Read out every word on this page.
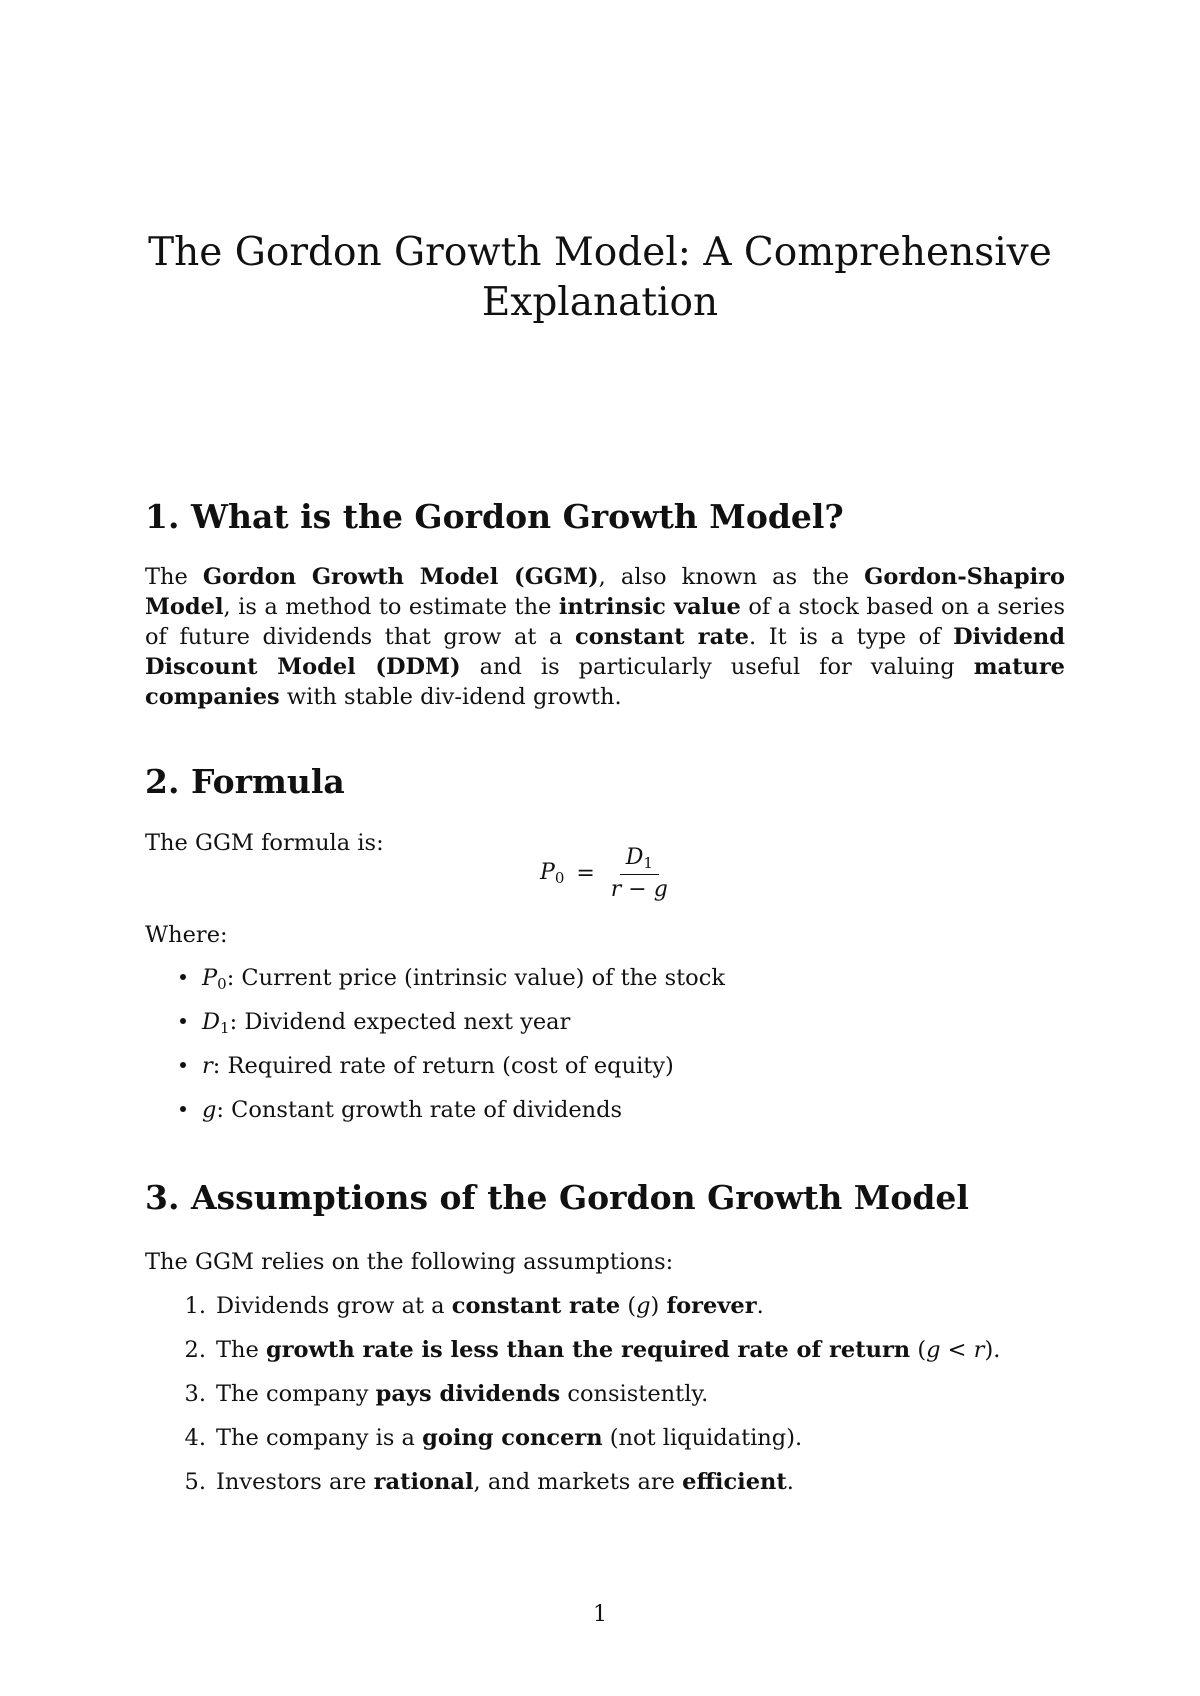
The Gordon Growth Model: A Comprehensive Explanation
1. What is the Gordon Growth Model?

The Gordon Growth Model (GGM), also known as the Gordon-Shapiro Model, is a method to estimate the intrinsic value of a stock based on a series of future dividends that grow at a constant rate. It is a type of Dividend Discount Model (DDM) and is particularly useful for valuing mature companies with stable div-idend growth.

2. Formula
The GGM formula is:
$P_0 = \frac{D_1}{r - g}$
Where:
$P_0$: Current price (intrinsic value) of the stock
$D_1$: Dividend expected next year
r: Required rate of return (cost of equity)
g: Constant growth rate of dividends
3. Assumptions of the Gordon Growth Model
The GGM relies on the following assumptions:
1. Dividends grow at a constant rate (g) forever.
2. The growth rate is less than the required rate of return (g < r).
3. The company pays dividends consistently.
4. The company is a going concern (not liquidating).
5. Investors are rational, and markets are efficient.
1
